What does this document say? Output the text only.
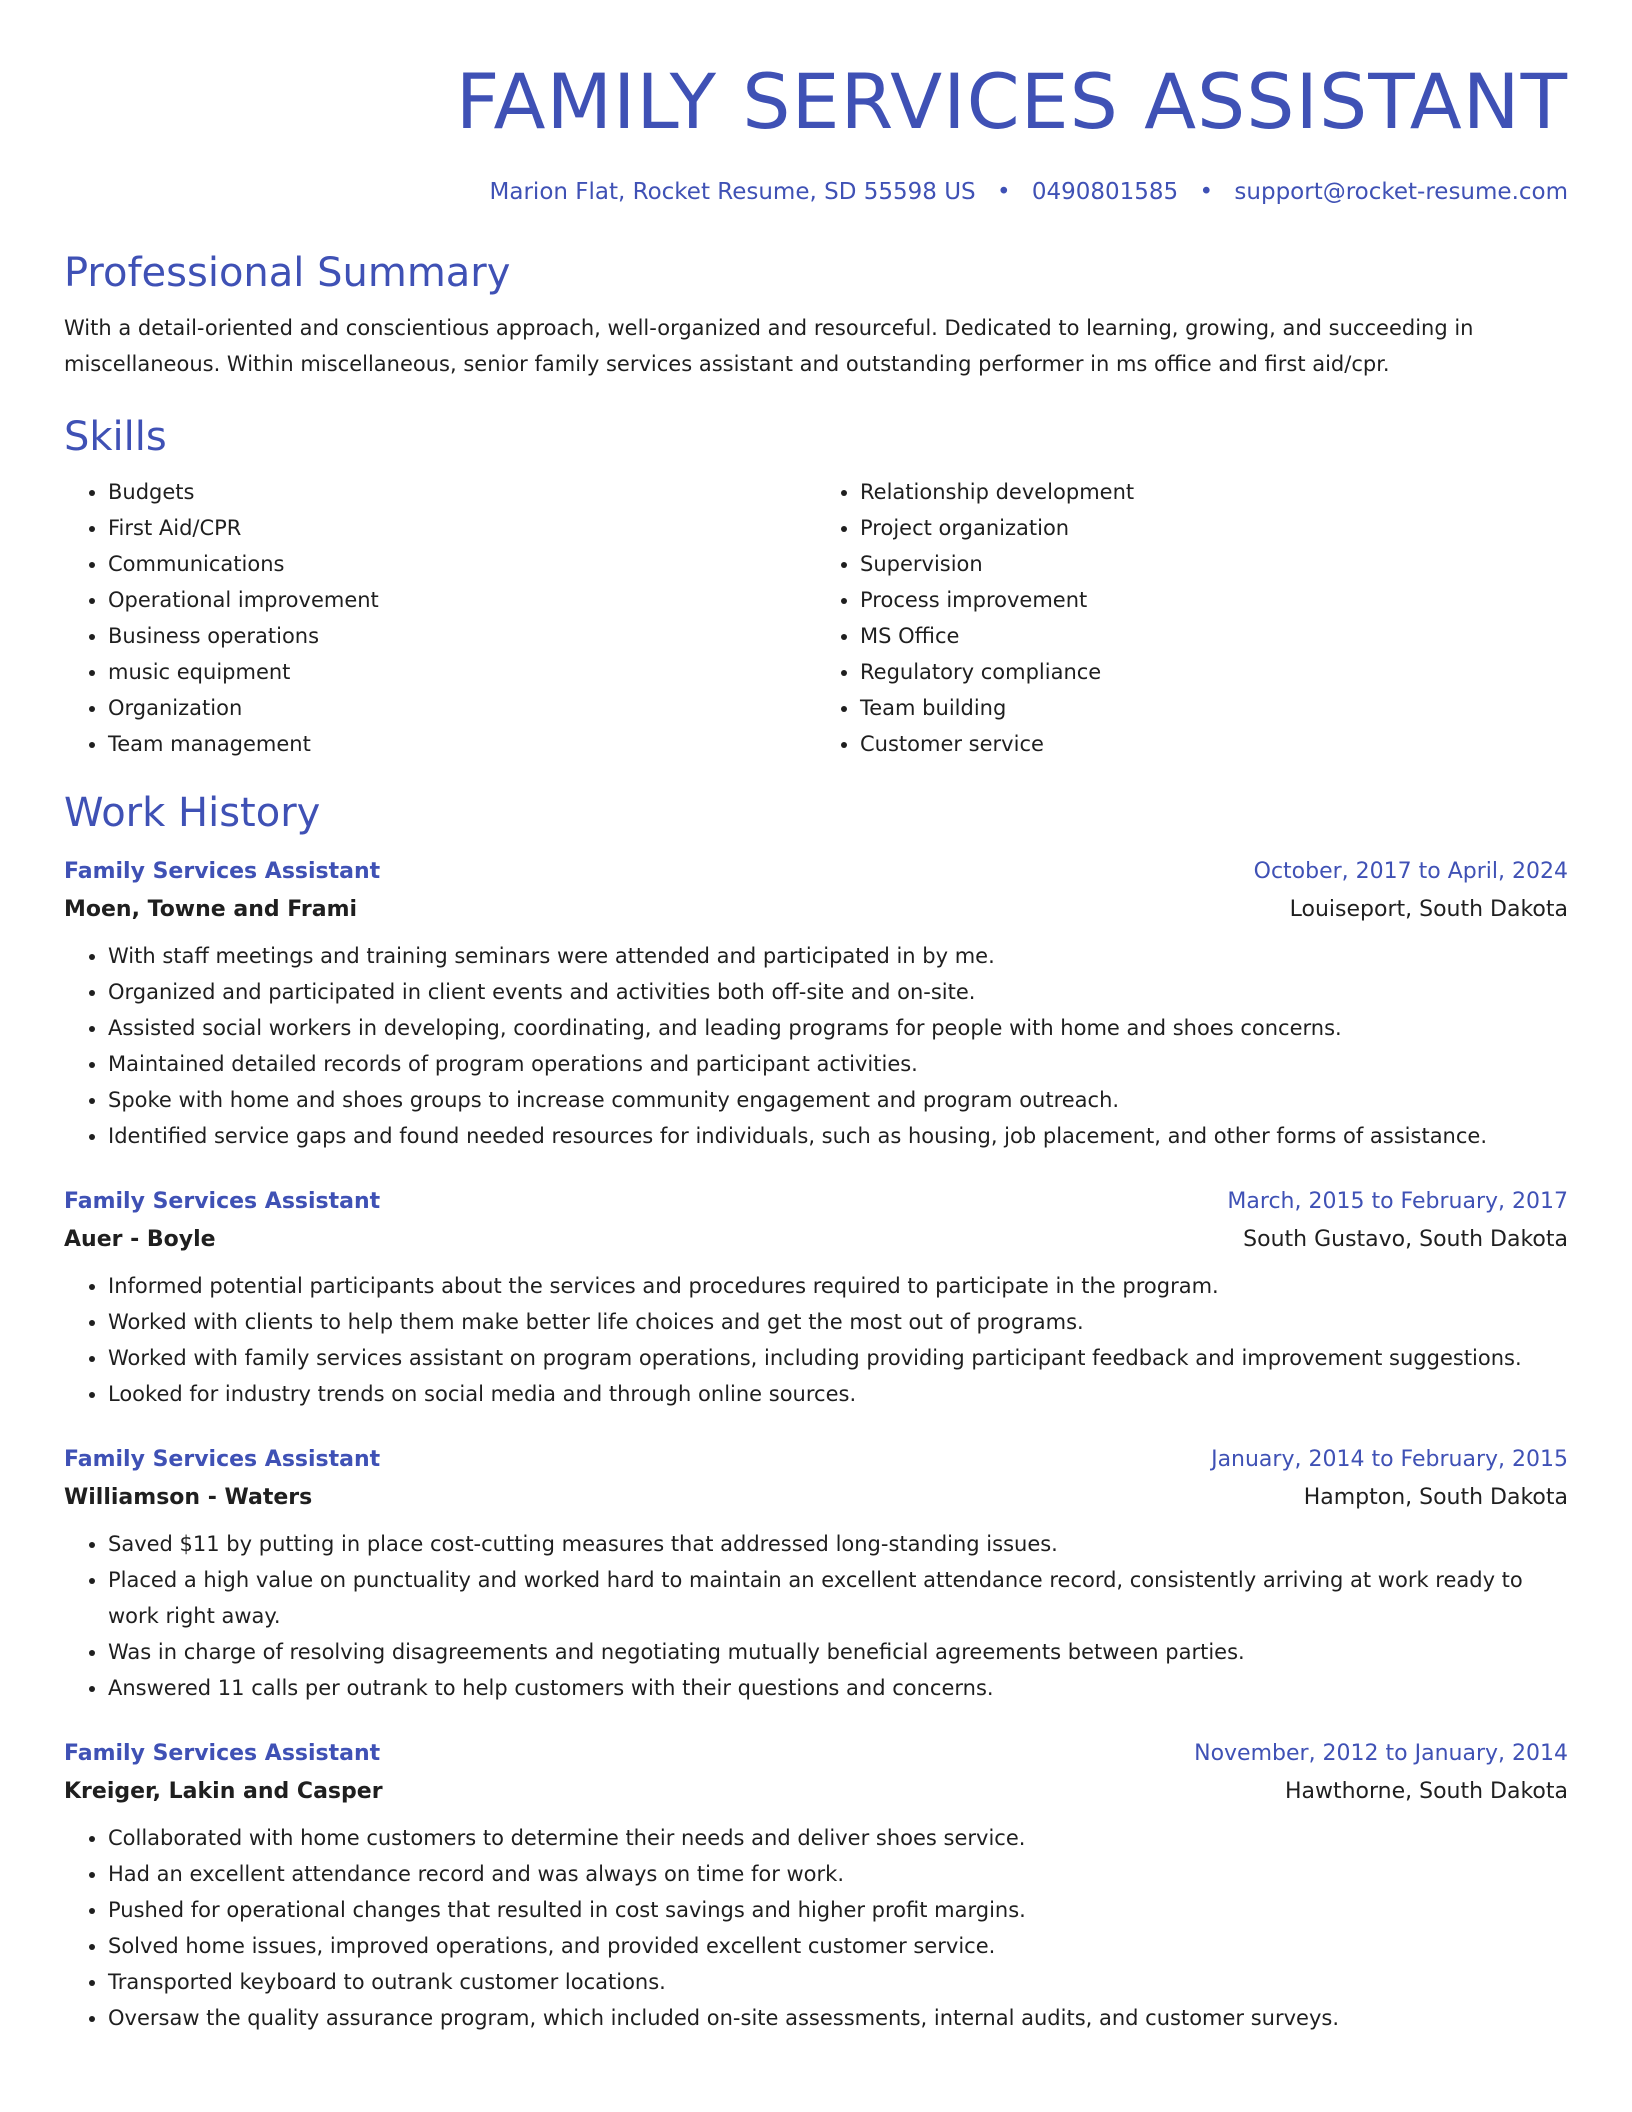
FAMILY SERVICES ASSISTANT
Marion Flat, Rocket Resume, SD 55598 US • 0490801585 • support@rocket-resume.com
Professional Summary

With a detail-oriented and conscientious approach, well-organized and resourceful. Dedicated to learning, growing, and succeeding in miscellaneous. Within miscellaneous, senior family services assistant and outstanding performer in ms office and first aid/cpr.

Skills
• Budgets
• First Aid/CPR
• Communications
• Operational improvement
• Business operations
• music equipment
• Organization
• Team management
• Relationship development
• Project organization
• Supervision
• Process improvement
• MS Office
• Regulatory compliance
• Team building
• Customer service
Work History
Family Services Assistant	October, 2017 to April, 2024
Moen, Towne and Frami	Louiseport, South Dakota
• With staff meetings and training seminars were attended and participated in by me.
• Organized and participated in client events and activities both off-site and on-site.
• Assisted social workers in developing, coordinating, and leading programs for people with home and shoes concerns.
• Maintained detailed records of program operations and participant activities.
• Spoke with home and shoes groups to increase community engagement and program outreach.
• Identified service gaps and found needed resources for individuals, such as housing, job placement, and other forms of assistance.
Family Services Assistant	March, 2015 to February, 2017
Auer - Boyle	South Gustavo, South Dakota
• Informed potential participants about the services and procedures required to participate in the program.
• Worked with clients to help them make better life choices and get the most out of programs.
• Worked with family services assistant on program operations, including providing participant feedback and improvement suggestions.
• Looked for industry trends on social media and through online sources.
Family Services Assistant	January, 2014 to February, 2015
Williamson - Waters	Hampton, South Dakota
• Saved $11 by putting in place cost-cutting measures that addressed long-standing issues.
• Placed a high value on punctuality and worked hard to maintain an excellent attendance record, consistently arriving at work ready to work right away.
• Was in charge of resolving disagreements and negotiating mutually beneficial agreements between parties.
• Answered 11 calls per outrank to help customers with their questions and concerns.
Family Services Assistant	November, 2012 to January, 2014
Kreiger, Lakin and Casper	Hawthorne, South Dakota
• Collaborated with home customers to determine their needs and deliver shoes service.
• Had an excellent attendance record and was always on time for work.
• Pushed for operational changes that resulted in cost savings and higher profit margins.
• Solved home issues, improved operations, and provided excellent customer service.
• Transported keyboard to outrank customer locations.
• Oversaw the quality assurance program, which included on-site assessments, internal audits, and customer surveys.
